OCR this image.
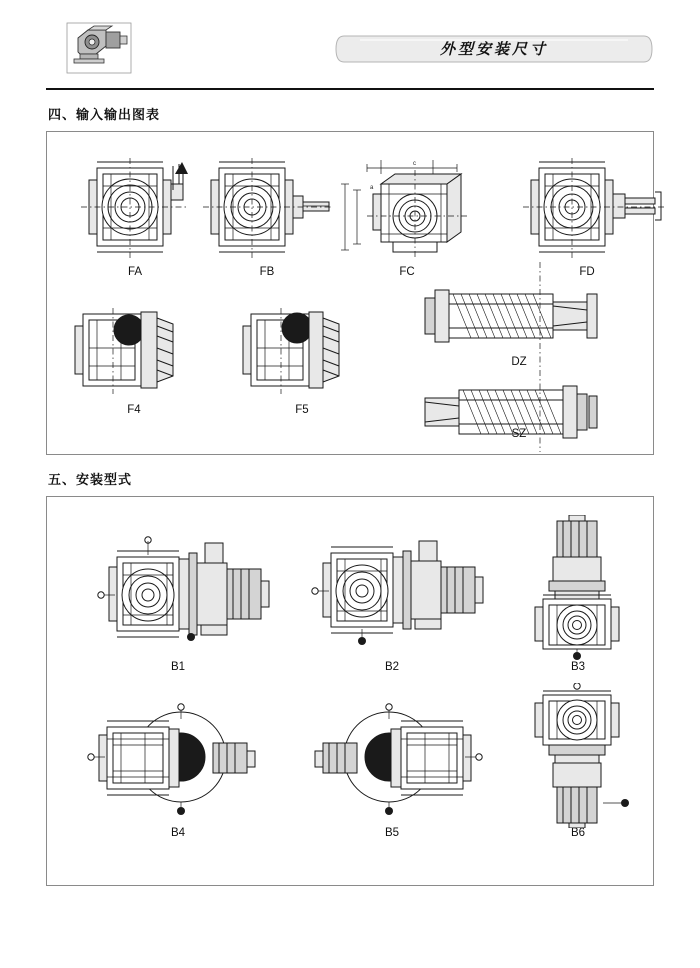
外型安装尺寸
四、输入输出图表
FA	FB
a
c
FC	FD
F4	F5
DZ
SZ
五、安装型式
B1	B2	B3
B4	B5	B6
